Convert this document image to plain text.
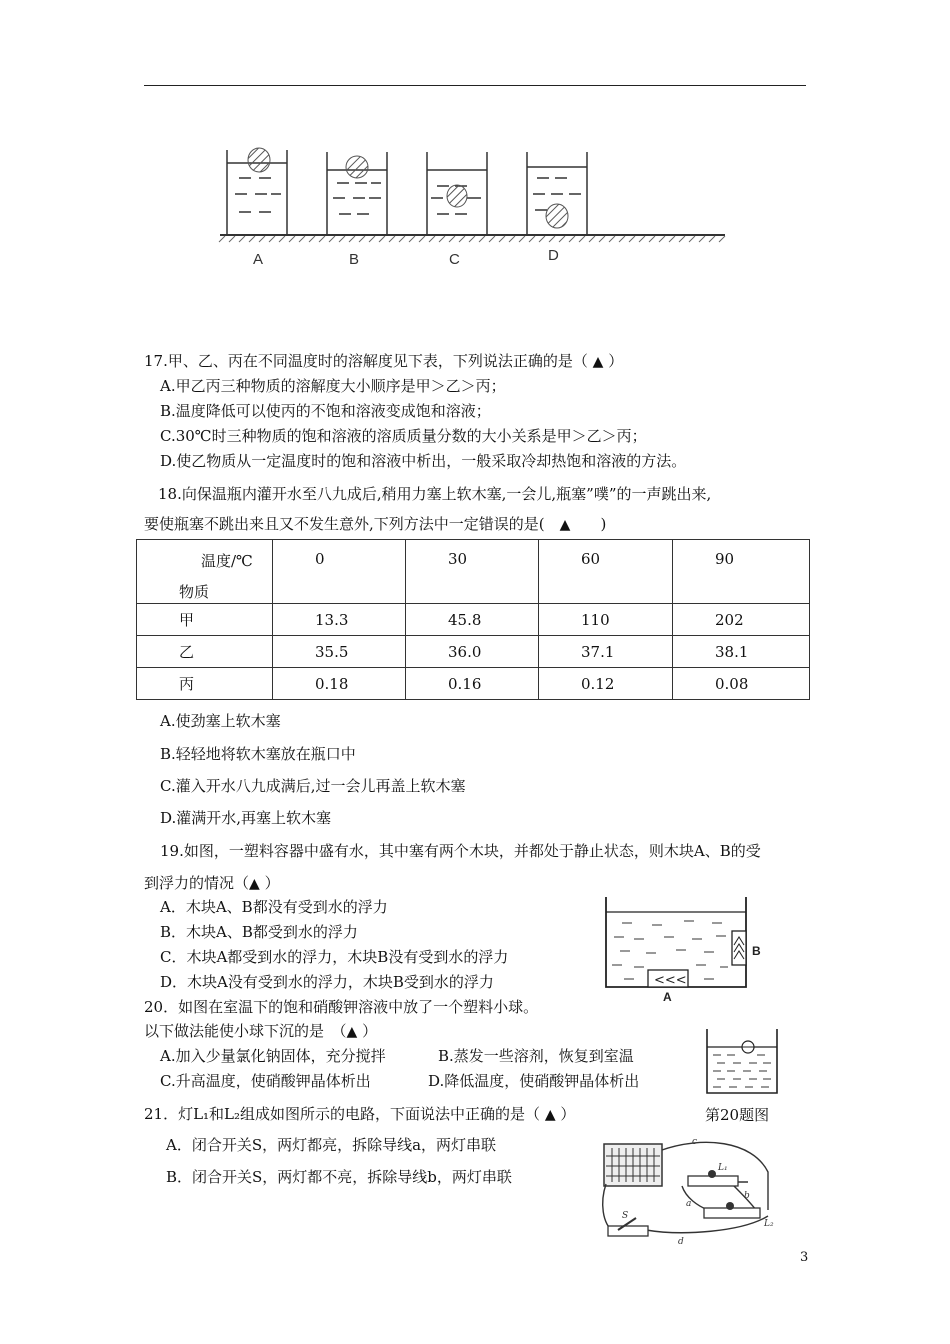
A	B	C	D
17.甲、乙、丙在不同温度时的溶解度见下表，下列说法正确的是（ ▲ ）
A.甲乙丙三种物质的溶解度大小顺序是甲＞乙＞丙；
B.温度降低可以使丙的不饱和溶液变成饱和溶液；
C.30℃时三种物质的饱和溶液的溶质质量分数的大小关系是甲＞乙＞丙；
D.使乙物质从一定温度时的饱和溶液中析出，一般采取冷却热饱和溶液的方法。
18.向保温瓶内灌开水至八九成后,稍用力塞上软木塞,一会儿,瓶塞”噗”的一声跳出来,
要使瓶塞不跳出来且又不发生意外,下列方法中一定错误的是(　 ▲　　 )
温度/℃
物质	0	30	60	90

甲	13.3	45.8	110	202
乙	35.5	36.0	37.1	38.1
丙	0.18	0.16	0.12	0.08
A.使劲塞上软木塞
B.轻轻地将软木塞放在瓶口中
C.灌入开水八九成满后,过一会儿再盖上软木塞
D.灌满开水,再塞上软木塞
19.如图，一塑料容器中盛有水，其中塞有两个木块，并都处于静止状态，则木块A、B的受
到浮力的情况（▲ ）
A．木块A、B都没有受到水的浮力
B．木块A、B都受到水的浮力
C．木块A都受到水的浮力，木块B没有受到水的浮力
D．木块A没有受到水的浮力，木块B受到水的浮力	<<<
B
A
20．如图在室温下的饱和硝酸钾溶液中放了一个塑料小球。
以下做法能使小球下沉的是　（▲ ）
A.加入少量氯化钠固体，充分搅拌	B.蒸发一些溶剂，恢复到室温
C.升高温度，使硝酸钾晶体析出	D.降低温度，使硝酸钾晶体析出
第20题图
21．灯L₁和L₂组成如图所示的电路，下面说法中正确的是（ ▲ ）
A．闭合开关S，两灯都亮，拆除导线a，两灯串联
B．闭合开关S，两灯都不亮，拆除导线b，两灯串联
c
L₁
b
a
L₂
S
d
3
